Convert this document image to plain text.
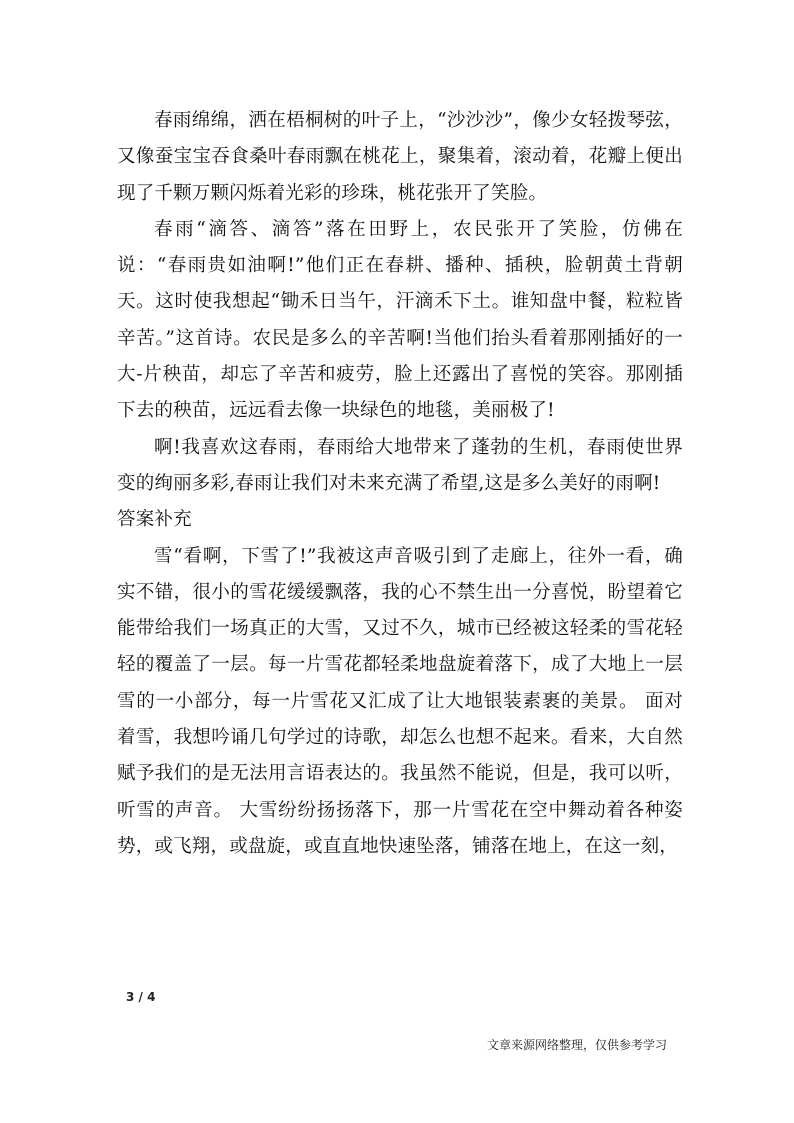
春雨绵绵，洒在梧桐树的叶子上，“沙沙沙”，像少女轻拨琴弦，又像蚕宝宝吞食桑叶春雨飘在桃花上，聚集着，滚动着，花瓣上便出现了千颗万颗闪烁着光彩的珍珠，桃花张开了笑脸。

春雨“滴答、滴答”落在田野上，农民张开了笑脸，仿佛在说：“春雨贵如油啊!”他们正在春耕、播种、插秧，脸朝黄土背朝天。这时使我想起“锄禾日当午，汗滴禾下土。谁知盘中餐，粒粒皆辛苦。”这首诗。农民是多么的辛苦啊!当他们抬头看着那刚插好的一大-片秧苗，却忘了辛苦和疲劳，脸上还露出了喜悦的笑容。那刚插下去的秧苗，远远看去像一块绿色的地毯，美丽极了!

啊!我喜欢这春雨，春雨给大地带来了蓬勃的生机，春雨使世界变的绚丽多彩,春雨让我们对未来充满了希望,这是多么美好的雨啊!

答案补充

雪“看啊，下雪了!”我被这声音吸引到了走廊上，往外一看，确实不错，很小的雪花缓缓飘落，我的心不禁生出一分喜悦，盼望着它能带给我们一场真正的大雪，又过不久，城市已经被这轻柔的雪花轻轻的覆盖了一层。每一片雪花都轻柔地盘旋着落下，成了大地上一层雪的一小部分，每一片雪花又汇成了让大地银装素裹的美景。 面对着雪，我想吟诵几句学过的诗歌，却怎么也想不起来。看来，大自然赋予我们的是无法用言语表达的。我虽然不能说，但是，我可以听，听雪的声音。 大雪纷纷扬扬落下，那一片雪花在空中舞动着各种姿势，或飞翔，或盘旋，或直直地快速坠落，铺落在地上，在这一刻，

3 / 4
文章来源网络整理，仅供参考学习
